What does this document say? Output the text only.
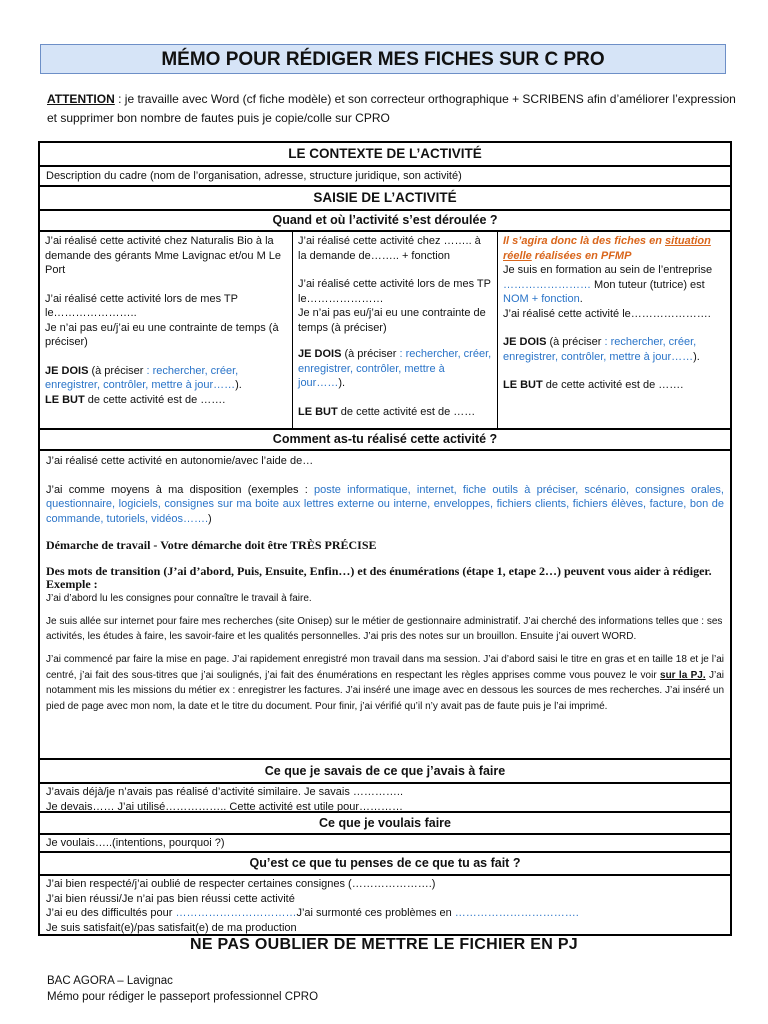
MÉMO POUR RÉDIGER MES FICHES SUR C PRO
ATTENTION : je travaille avec Word (cf fiche modèle) et son correcteur orthographique + SCRIBENS afin d’améliorer l’expression et supprimer bon nombre de fautes puis je copie/colle sur CPRO
LE CONTEXTE DE L’ACTIVITÉ
Description du cadre (nom de l’organisation, adresse, structure juridique, son activité)
SAISIE DE L’ACTIVITÉ
Quand et où l’activité s’est déroulée ?

J’ai réalisé cette activité chez Naturalis Bio à la demande des gérants Mme Lavignac et/ou M Le Port

J’ai réalisé cette activité lors de mes TP le…………………..

Je n’ai pas eu/j’ai eu une contrainte de temps (à préciser)

JE DOIS (à préciser : rechercher, créer, enregistrer, contrôler, mettre à jour……).

LE BUT de cette activité est de …….

J’ai réalisé cette activité chez …….. à la demande de…….. + fonction

J’ai réalisé cette activité lors de mes TP le…………………

Je n’ai pas eu/j’ai eu une contrainte de temps (à préciser)

JE DOIS (à préciser : rechercher, créer, enregistrer, contrôler, mettre à jour……).

LE BUT de cette activité est de ……

Il s’agira donc là des fiches en situation réelle réalisées en PFMP

Je suis en formation au sein de l’entreprise …………………… Mon tuteur (tutrice) est NOM + fonction.

J’ai réalisé cette activité le………………….

JE DOIS (à préciser : rechercher, créer, enregistrer, contrôler, mettre à jour……).

LE BUT de cette activité est de …….

Comment as-tu réalisé cette activité ?

J’ai réalisé cette activité en autonomie/avec l’aide de…

J’ai comme moyens à ma disposition (exemples : poste informatique, internet, fiche outils à préciser, scénario, consignes orales, questionnaire, logiciels, consignes sur ma boite aux lettres externe ou interne, enveloppes, fichiers clients, fichiers élèves, facture, bon de commande, tutoriels, vidéos…….)

Démarche de travail - Votre démarche doit être TRÈS PRÉCISE

Des mots de transition (J’ai d’abord, Puis, Ensuite, Enfin…) et des énumérations (étape 1, etape 2…) peuvent vous aider à rédiger. Exemple :

J’ai d’abord lu les consignes pour connaître le travail à faire.

Je suis allée sur internet pour faire mes recherches (site Onisep) sur le métier de gestionnaire administratif. J’ai cherché des informations telles que : ses activités, les études à faire, les savoir-faire et les qualités personnelles. J’ai pris des notes sur un brouillon. Ensuite j’ai ouvert WORD.

J’ai commencé par faire la mise en page. J’ai rapidement enregistré mon travail dans ma session. J’ai d’abord saisi le titre en gras et en taille 18 et je l’ai centré, j’ai fait des sous-titres que j’ai soulignés, j’ai fait des énumérations en respectant les règles apprises comme vous pouvez le voir sur la PJ. J’ai notamment mis les missions du métier ex : enregistrer les factures. J’ai inséré une image avec en dessous les sources de mes recherches. J’ai inséré un pied de page avec mon nom, la date et le titre du document. Pour finir, j’ai vérifié qu’il n’y avait pas de faute puis je l’ai imprimé.

Ce que je savais de ce que j’avais à faire
J’avais déjà/je n’avais pas réalisé d’activité similaire. Je savais …………..
Je devais…… J’ai utilisé…………….. Cette activité est utile pour…………
Ce que je voulais faire
Je voulais…..(intentions, pourquoi ?)
Qu’est ce que tu penses de ce que tu as fait ?
J’ai bien respecté/j’ai oublié de respecter certaines consignes (………………….)
J’ai bien réussi/Je n’ai pas bien réussi cette activité
J’ai eu des difficultés pour ……………………………J’ai surmonté ces problèmes en …………………………….
Je suis satisfait(e)/pas satisfait(e) de ma production
NE PAS OUBLIER DE METTRE LE FICHIER EN PJ
BAC AGORA – Lavignac
Mémo pour rédiger le passeport professionnel CPRO
